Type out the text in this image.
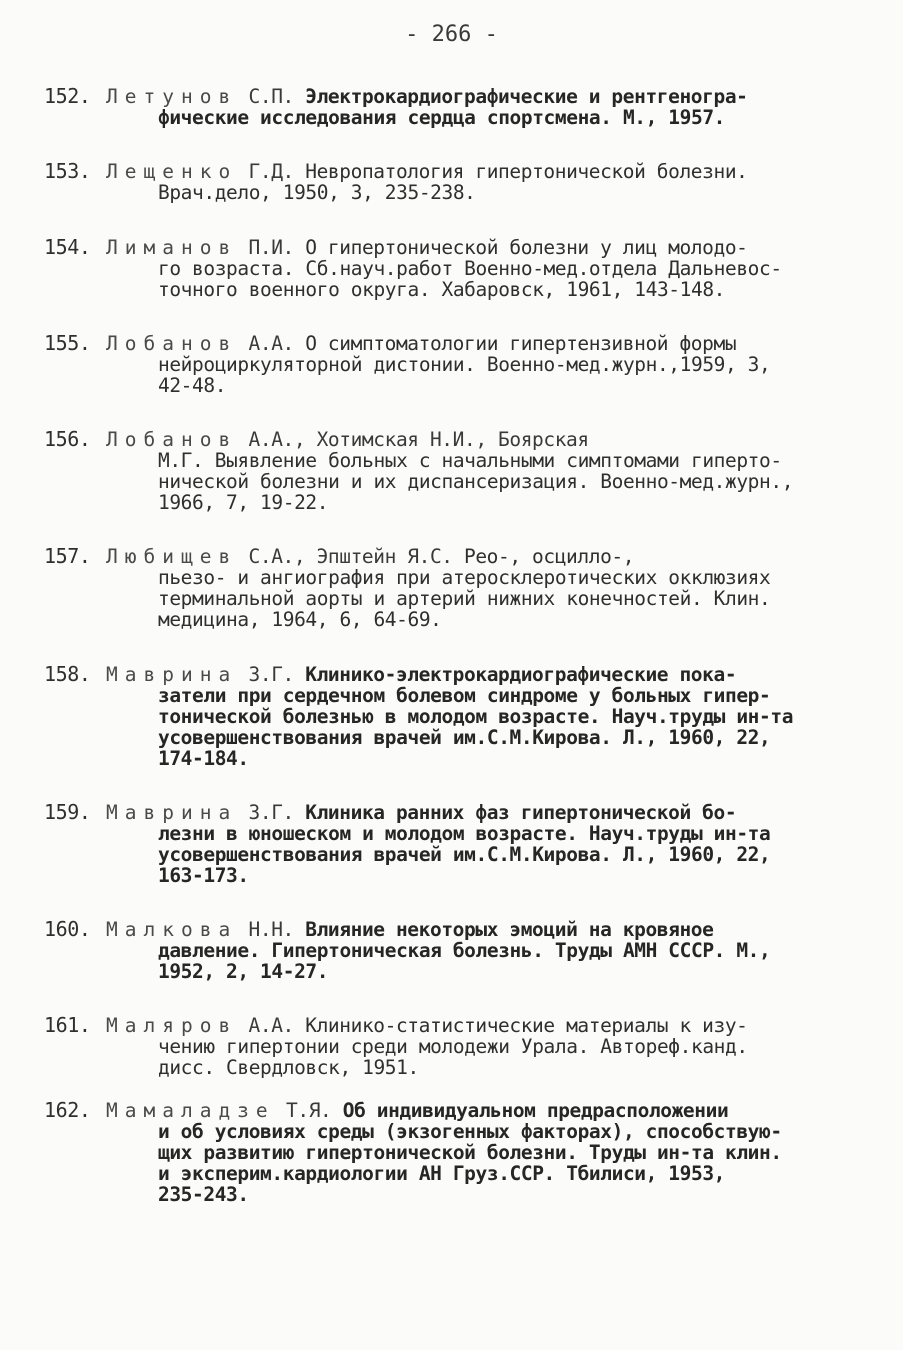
- 266 -
152. Летунов С.П. Электрокардиографические и рентгеногра-
фические исследования сердца спортсмена. М., 1957.
153. Лещенко Г.Д. Невропатология гипертонической болезни.
Врач.дело, 1950, 3, 235-238.
154. Лиманов П.И. О гипертонической болезни у лиц молодо-
го возраста. Сб.науч.работ Военно-мед.отдела Дальневос-
точного военного округа. Хабаровск, 1961, 143-148.
155. Лобанов А.А. О симптоматологии гипертензивной формы
нейроциркуляторной дистонии. Военно-мед.журн.,1959, 3,
42-48.
156. Лобанов А.А., Хотимская Н.И., Боярская
М.Г. Выявление больных с начальными симптомами гиперто-
нической болезни и их диспансеризация. Военно-мед.журн.,
1966, 7, 19-22.
157. Любищев С.А., Эпштейн Я.С. Рео-, осцилло-,
пьезо- и ангиография при атеросклеротических окклюзиях
терминальной аорты и артерий нижних конечностей. Клин.
медицина, 1964, 6, 64-69.
158. Маврина З.Г. Клинико-электрокардиографические пока-
затели при сердечном болевом синдроме у больных гипер-
тонической болезнью в молодом возрасте. Науч.труды ин-та
усовершенствования врачей им.С.М.Кирова. Л., 1960, 22,
174-184.
159. Маврина З.Г. Клиника ранних фаз гипертонической бо-
лезни в юношеском и молодом возрасте. Науч.труды ин-та
усовершенствования врачей им.С.М.Кирова. Л., 1960, 22,
163-173.
160. Малкова Н.Н. Влияние некоторых эмоций на кровяное
давление. Гипертоническая болезнь. Труды АМН СССР. М.,
1952, 2, 14-27.
161. Маляров А.А. Клинико-статистические материалы к изу-
чению гипертонии среди молодежи Урала. Автореф.канд.
дисс. Свердловск, 1951.
162. Мамаладзе Т.Я. Об индивидуальном предрасположении
и об условиях среды (экзогенных факторах), способствую-
щих развитию гипертонической болезни. Труды ин-та клин.
и эксперим.кардиологии АН Груз.ССР. Тбилиси, 1953,
235-243.
